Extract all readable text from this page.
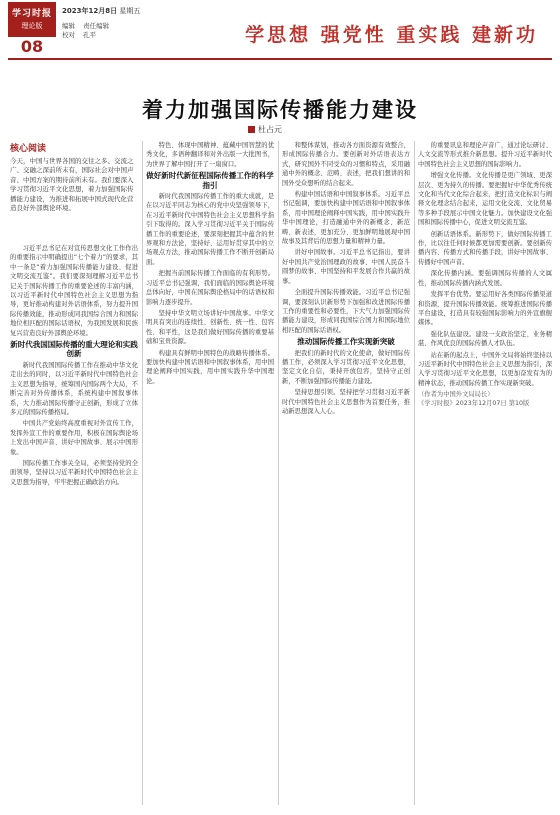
学习时报
理论版
08
2023年12月8日 星期五
编辑 责任编辑
校对 孔平	学思想 强党性 重实践 建新功
着力加强国际传播能力建设
杜占元
核心阅读
今天，中国与世界各国的交往之多、交流之广、交融之深前所未有，国际社会对中国声音、中国方案的期待前所未有。我们要深入学习贯彻习近平文化思想，着力加强国际传播能力建设，为推进和拓展中国式现代化营造良好外部舆论环境。

习近平总书记在对宣传思想文化工作作出的重要指示中明确提出“七个着力”的要求，其中一条是“着力加强国际传播能力建设、促进文明交流互鉴”。我们要深刻理解习近平总书记关于国际传播工作的重要论述的丰富内涵，以习近平新时代中国特色社会主义思想为指导，更好推动构建对外话语体系，努力提升国际传播效能，推动形成同我国综合国力和国际地位相匹配的国际话语权，为我国发展和民族复兴营造良好外部舆论环境。

新时代我国国际传播的重大理论和实践创新

新时代我国国际传播工作在推动中华文化走出去的同时，以习近平新时代中国特色社会主义思想为指导，统筹国内国际两个大局，不断完善对外传播体系，系统构建中国叙事体系，大力推动国际传播守正创新，形成了立体多元的国际传播格局。

中国共产党始终高度重视对外宣传工作，发挥外宣工作的重要作用，积极在国际舆论场上发出中国声音、讲好中国故事、展示中国形象。

国际传播工作事关全局，必须坚持党的全面领导，坚持以习近平新时代中国特色社会主义思想为指导，牢牢把握正确政治方向。

特色、体现中国精神、蕴藏中国智慧的优秀文化，多语种翻译和对外出版一大批图书，为世界了解中国打开了一扇窗口。

做好新时代新征程国际传播工作的科学指引

新时代我国国际传播工作的重大成就，是在以习近平同志为核心的党中央坚强领导下，在习近平新时代中国特色社会主义思想科学指引下取得的。深入学习贯彻习近平关于国际传播工作的重要论述，要深刻把握其中蕴含的世界观和方法论，坚持好、运用好贯穿其中的立场观点方法，推动国际传播工作不断开创新局面。

把握当前国际传播工作面临的有利形势。习近平总书记强调，我们面临的国际舆论环境总体向好，中国在国际舆论格局中的话语权和影响力逐步提升。

坚持中华文明立场讲好中国故事。中华文明具有突出的连续性、创新性、统一性、包容性、和平性，这是我们做好国际传播的重要基础和宝贵资源。

构建具有鲜明中国特色的战略传播体系。要加快构建中国话语和中国叙事体系，用中国理论阐释中国实践，用中国实践升华中国理论。

和整体谋划，推动各方面资源有效整合，形成国际传播合力。要创新对外话语表达方式，研究国外不同受众的习惯和特点，采用融通中外的概念、范畴、表述，把我们想讲的和国外受众想听的结合起来。

构建中国话语和中国叙事体系。习近平总书记强调，要加快构建中国话语和中国叙事体系，用中国理论阐释中国实践，用中国实践升华中国理论，打造融通中外的新概念、新范畴、新表述，更加充分、更加鲜明地展现中国故事及其背后的思想力量和精神力量。

讲好中国故事。习近平总书记指出，要讲好中国共产党治国理政的故事、中国人民奋斗圆梦的故事、中国坚持和平发展合作共赢的故事。

全面提升国际传播效能。习近平总书记强调，要深刻认识新形势下加强和改进国际传播工作的重要性和必要性，下大气力加强国际传播能力建设，形成同我国综合国力和国际地位相匹配的国际话语权。

推动国际传播工作实现新突破

把我们的新时代的文化使命，做好国际传播工作，必须深入学习贯彻习近平文化思想，坚定文化自信，秉持开放包容，坚持守正创新，不断加强国际传播能力建设。

坚持思想引领。坚持把学习贯彻习近平新时代中国特色社会主义思想作为首要任务，推动新思想深入人心。

的重要讯息和理论声音广，通过论坛研讨、人文交流等形式推介新思想。提升习近平新时代中国特色社会主义思想的国际影响力。

增强文化传播。文化传播是更广领域、更深层次、更为持久的传播。要把握好中华优秀传统文化和当代文化综合起来，把打造文化标识与阐释文化理念结合起来，运用文化交流、文化贸易等多种手段展示中国文化魅力。加快建设文化强国和国际传播中心，促进文明交流互鉴。

创新话语体系。新形势下，做好国际传播工作，比以往任何时候都更加需要创新。要创新传播内容、传播方式和传播手段，讲好中国故事、传播好中国声音。

深化传播内涵。要强调国际传播的人文属性，推动国际传播内涵式发展。

发挥平台优势。要运用好各类国际传播渠道和资源，提升国际传播效能。统筹推进国际传播平台建设，打造具有较强国际影响力的外宣旗舰媒体。

强化队伍建设。建设一支政治坚定、业务精湛、作风优良的国际传播人才队伍。

站在新的起点上，中国外文局将始终坚持以习近平新时代中国特色社会主义思想为指引，深入学习贯彻习近平文化思想，以更加奋发有为的精神状态，推动国际传播工作实现新突破。

（作者为中国外文局局长）
《学习时报》2023年12月07日 第10版
